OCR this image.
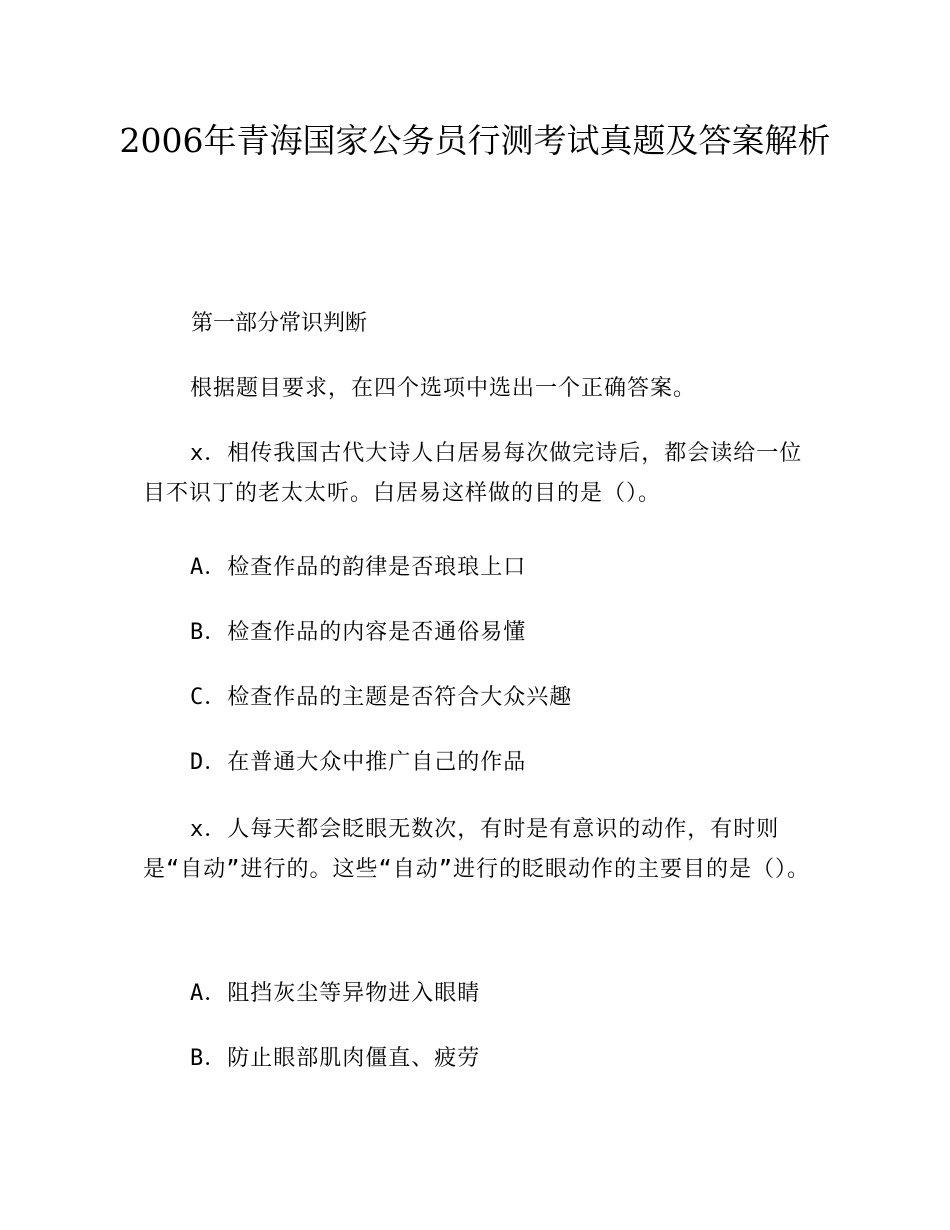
2006年青海国家公务员行测考试真题及答案解析

第一部分常识判断

根据题目要求，在四个选项中选出一个正确答案。

x．相传我国古代大诗人白居易每次做完诗后，都会读给一位目不识丁的老太太听。白居易这样做的目的是（）。

A．检查作品的韵律是否琅琅上口

B．检查作品的内容是否通俗易懂

C．检查作品的主题是否符合大众兴趣

D．在普通大众中推广自己的作品

x．人每天都会眨眼无数次，有时是有意识的动作，有时则是“自动”进行的。这些“自动”进行的眨眼动作的主要目的是（）。

A．阻挡灰尘等异物进入眼睛

B．防止眼部肌肉僵直、疲劳
